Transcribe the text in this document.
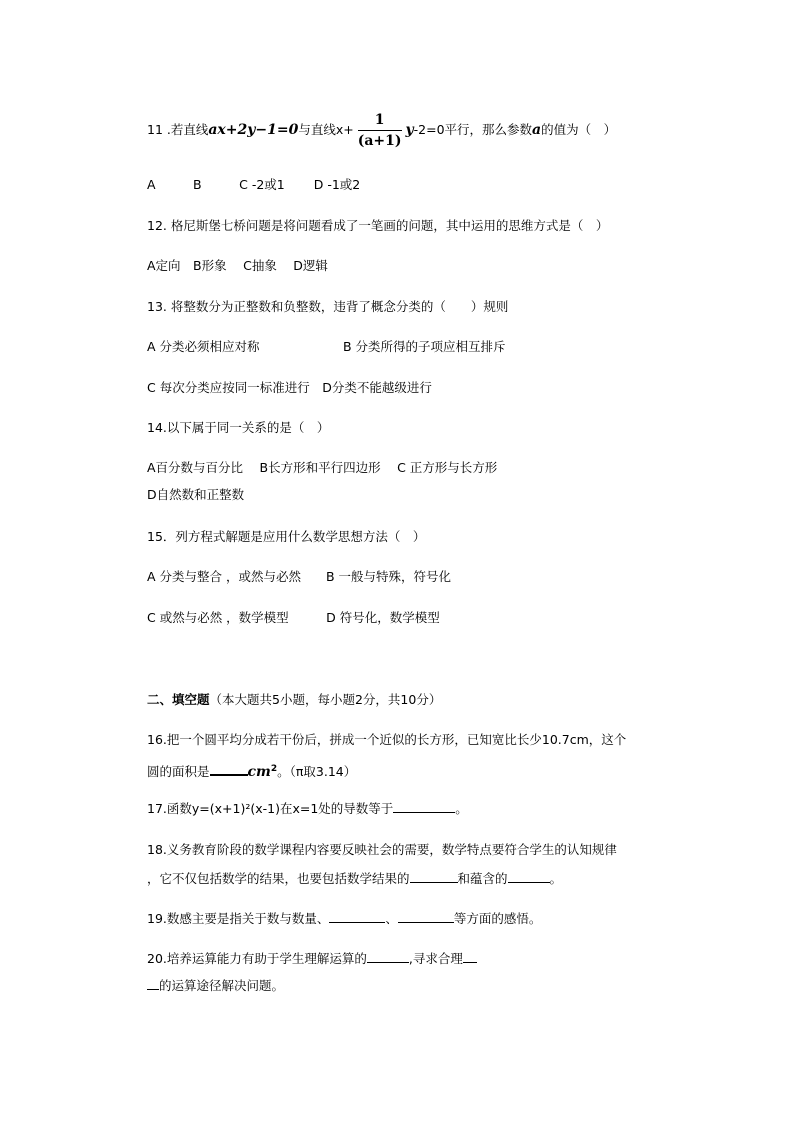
11 .若直线ax+2y−1=0与直线$x+ \frac{1}{(a+1)} y-2=0$平行，那么参数a的值为（　）
A　　　B　　　C -2或1　　 D -1或2
12. 格尼斯堡七桥问题是将问题看成了一笔画的问题，其中运用的思维方式是（　）
A定向　B形象　 C抽象　 D逻辑
13. 将整数分为正整数和负整数，违背了概念分类的（　　）规则
A 分类必须相应对称	B 分类所得的子项应相互排斥
C 每次分类应按同一标准进行　D分类不能越级进行
14.以下属于同一关系的是（　）
A百分数与百分比　 B长方形和平行四边形　 C 正方形与长方形
D自然数和正整数
15．列方程式解题是应用什么数学思想方法（　）
A 分类与整合 ，或然与必然　　B 一般与特殊，符号化
C 或然与必然 ，数学模型　　　D 符号化，数学模型
二、填空题（本大题共5小题，每小题2分，共10分）
16.把一个圆平均分成若干份后，拼成一个近似的长方形，已知宽比长少10.7cm，这个
圆的面积是	$cm^2$。（π取3.14）
17.函数y=(x+1)²(x-1)在x=1处的导数等于	。
18.义务教育阶段的数学课程内容要反映社会的需要，数学特点要符合学生的认知规律
，它不仅包括数学的结果，也要包括数学结果的	和蕴含的	。
19.数感主要是指关于数与数量、	、	等方面的感悟。
20.培养运算能力有助于学生理解运算的	,寻求合理
的运算途径解决问题。
